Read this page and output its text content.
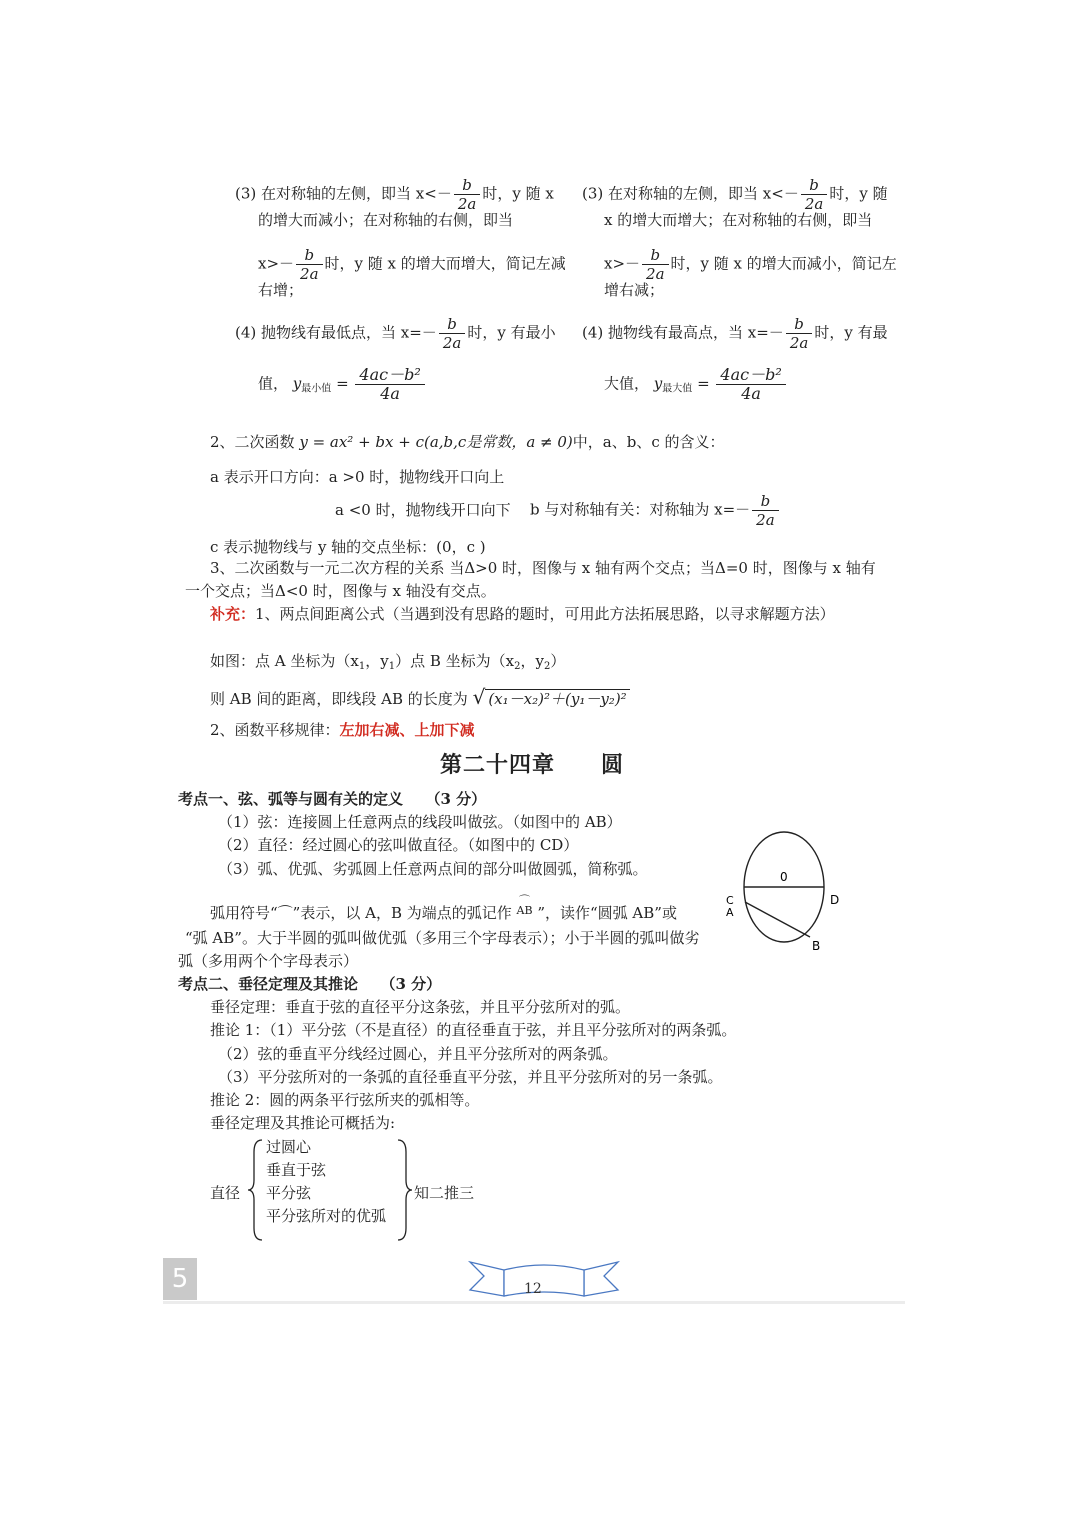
(3) 在对称轴的左侧，即当 $x<- \frac{b}{2a}$ 时，y 随 x
的增大而减小；在对称轴的右侧，即当
$x>- \frac{b}{2a}$ 时，y 随 x 的增大而增大，简记左减
右增；
(4) 抛物线有最低点，当 $x=- \frac{b}{2a}$ 时，y 有最小
值， $y_{最小值} = \frac{\text{4ac－b²}}{4a}$
(3) 在对称轴的左侧，即当 $x<- \frac{b}{2a}$ 时，y 随
x 的增大而增大；在对称轴的右侧，即当
$x>- \frac{b}{2a}$ 时，y 随 x 的增大而减小，简记左
增右减；
(4) 抛物线有最高点，当 $x=- \frac{b}{2a}$ 时，y 有最
大值， $y_{最大值} = \frac{\text{4ac－b²}}{4a}$
2、二次函数 y = ax² + bx + c(a,b,c是常数，a ≠ 0)中，a、b、c 的含义：
a 表示开口方向：a >0 时，抛物线开口向上
a <0 时，抛物线开口向下 b 与对称轴有关：对称轴为 $x=- \frac{b}{2a}$
c 表示抛物线与 y 轴的交点坐标：(0，c )
3、二次函数与一元二次方程的关系 当Δ>0 时，图像与 x 轴有两个交点；当Δ=0 时，图像与 x 轴有
一个交点；当Δ<0 时，图像与 x 轴没有交点。
补充：1、两点间距离公式（当遇到没有思路的题时，可用此方法拓展思路，以寻求解题方法）
如图：点 A 坐标为（$x_1$，$y_1$）点 B 坐标为（$x_2$，$y_2$）
则 AB 间的距离，即线段 AB 的长度为 √ (x₁－x₂)²＋(y₁－y₂)²
2、函数平移规律：左加右减、上加下减
第二十四章　　圆
考点一、弦、弧等与圆有关的定义　　（3 分）
（1）弦：连接圆上任意两点的线段叫做弦。（如图中的 AB）
（2）直径：经过圆心的弦叫做直径。（如图中的 CD）
（3）弧、优弧、劣弧圆上任意两点间的部分叫做圆弧，简称弧。
弧用符号“⌒”表示，以 A，B 为端点的弧记作
⌒
AB ”，读作“圆弧 AB”或
“弧 AB”。大于半圆的弧叫做优弧（多用三个字母表示）；小于半圆的弧叫做劣
弧（多用两个个字母表示）
0
C
A
D
B
考点二、垂径定理及其推论　　（3 分）
垂径定理：垂直于弦的直径平分这条弦，并且平分弦所对的弧。
推论 1：（1）平分弦（不是直径）的直径垂直于弦，并且平分弦所对的两条弧。
（2）弦的垂直平分线经过圆心，并且平分弦所对的两条弧。
（3）平分弦所对的一条弧的直径垂直平分弦，并且平分弦所对的另一条弧。
推论 2：圆的两条平行弦所夹的弧相等。
垂径定理及其推论可概括为:
直径
过圆心
垂直于弦
平分弦
平分弦所对的优弧
知二推三
5	12
